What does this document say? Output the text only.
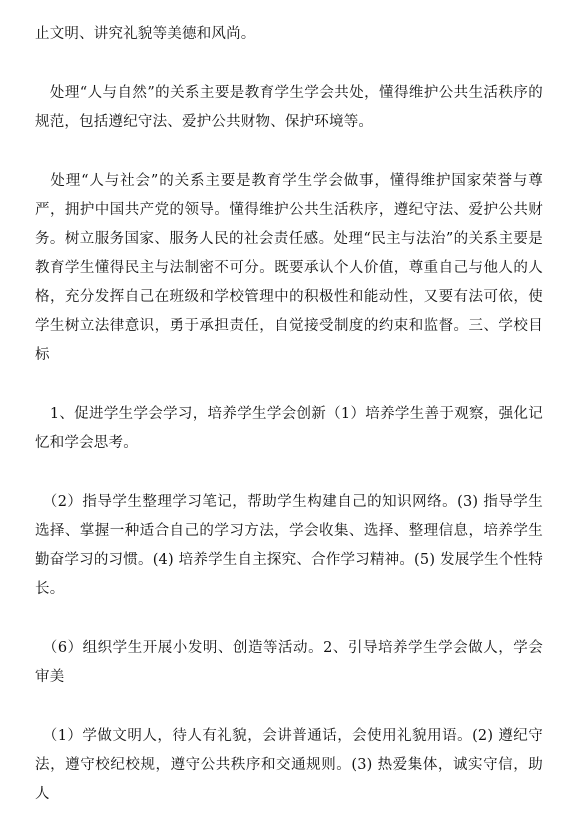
止文明、讲究礼貌等美德和风尚。

　处理“人与自然”的关系主要是教育学生学会共处，懂得维护公共生活秩序的规范，包括遵纪守法、爱护公共财物、保护环境等。

　处理“人与社会”的关系主要是教育学生学会做事，懂得维护国家荣誉与尊严，拥护中国共产党的领导。懂得维护公共生活秩序，遵纪守法、爱护公共财务。树立服务国家、服务人民的社会责任感。处理“民主与法治”的关系主要是教育学生懂得民主与法制密不可分。既要承认个人价值，尊重自己与他人的人格，充分发挥自己在班级和学校管理中的积极性和能动性，又要有法可依，使学生树立法律意识，勇于承担责任，自觉接受制度的约束和监督。三、学校目标

　1、促进学生学会学习，培养学生学会创新（1）培养学生善于观察，强化记忆和学会思考。

　（2）指导学生整理学习笔记，帮助学生构建自己的知识网络。(3) 指导学生选择、掌握一种适合自己的学习方法，学会收集、选择、整理信息，培养学生勤奋学习的习惯。(4) 培养学生自主探究、合作学习精神。(5) 发展学生个性特长。

　（6）组织学生开展小发明、创造等活动。2、引导培养学生学会做人，学会审美

　（1）学做文明人，待人有礼貌，会讲普通话，会使用礼貌用语。(2) 遵纪守法，遵守校纪校规，遵守公共秩序和交通规则。(3) 热爱集体，诚实守信，助人
